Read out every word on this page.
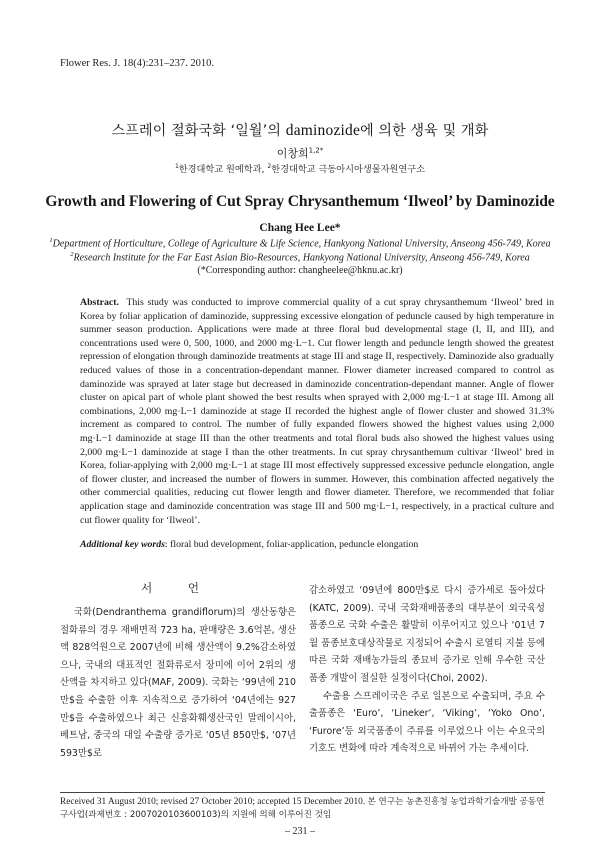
Flower Res. J. 18(4):231–237. 2010.
스프레이 절화국화 ‘일월’의 daminozide에 의한 생육 및 개화
이창희$^{1,2*}$
$^1$한경대학교 원예학과, $^2$한경대학교 극동아시아생물자원연구소
Growth and Flowering of Cut Spray Chrysanthemum ‘Ilweol’ by Daminozide
Chang Hee Lee*
$^1$Department of Horticulture, College of Agriculture & Life Science, Hankyong National University, Anseong 456-749, Korea
$^2$Research Institute for the Far East Asian Bio-Resources, Hankyong National University, Anseong 456-749, Korea
(*Corresponding author: changheelee@hknu.ac.kr)
Abstract. This study was conducted to improve commercial quality of a cut spray chrysanthemum ‘Ilweol’ bred in Korea by foliar application of daminozide, suppressing excessive elongation of peduncle caused by high temperature in summer season production. Applications were made at three floral bud developmental stage (I, II, and III), and concentrations used were 0, 500, 1000, and 2000 mg·L−1. Cut flower length and peduncle length showed the greatest repression of elongation through daminozide treatments at stage III and stage II, respectively. Daminozide also gradually reduced values of those in a concentration-dependant manner. Flower diameter increased compared to control as daminozide was sprayed at later stage but decreased in daminozide concentration-dependant manner. Angle of flower cluster on apical part of whole plant showed the best results when sprayed with 2,000 mg·L−1 at stage III. Among all combinations, 2,000 mg·L−1 daminozide at stage II recorded the highest angle of flower cluster and showed 31.3% increment as compared to control. The number of fully expanded flowers showed the highest values using 2,000 mg·L−1 daminozide at stage III than the other treatments and total floral buds also showed the highest values using 2,000 mg·L−1 daminozide at stage I than the other treatments. In cut spray chrysanthemum cultivar ‘Ilweol’ bred in Korea, foliar-applying with 2,000 mg·L−1 at stage III most effectively suppressed excessive peduncle elongation, angle of flower cluster, and increased the number of flowers in summer. However, this combination affected negatively the other commercial qualities, reducing cut flower length and flower diameter. Therefore, we recommended that foliar application stage and daminozide concentration was stage III and 500 mg·L−1, respectively, in a practical culture and cut flower quality for ‘Ilweol’.
Additional key words: floral bud development, foliar-application, peduncle elongation
서 언

국화(Dendranthema grandiflorum)의 생산동향은 절화류의 경우 재배면적 723 ha, 판매량은 3.6억본, 생산액 828억원으로 2007년에 비해 생산액이 9.2%감소하였으나, 국내의 대표적인 절화류로서 장미에 이어 2위의 생산액을 차지하고 있다(MAF, 2009). 국화는 ‘99년에 210만$을 수출한 이후 지속적으로 증가하여 ‘04년에는 927만$을 수출하였으나 최근 신흥화훼생산국인 말레이시아, 베트남, 중국의 대일 수출량 증가로 ‘05년 850만$, ‘07년 593만$로

감소하였고 ‘09년에 800만$로 다시 증가세로 돌아섰다(KATC, 2009). 국내 국화재배품종의 대부분이 외국육성품종으로 국화 수출은 활발히 이루어지고 있으나 ‘01년 7월 품종보호대상작물로 지정되어 수출시 로열티 지불 등에 따른 국화 재배농가들의 종묘비 증가로 인해 우수한 국산품종 개발이 절실한 실정이다(Choi, 2002).

수출용 스프레이국은 주로 일본으로 수출되며, 주요 수출품종은 ‘Euro’, ‘Lineker’, ‘Viking’, ‘Yoko Ono’, ‘Furore’등 외국품종이 주류를 이루었으나 이는 수요국의 기호도 변화에 따라 계속적으로 바뀌어 가는 추세이다.

Received 31 August 2010; revised 27 October 2010; accepted 15 December 2010. 본 연구는 농촌진흥청 농업과학기술개발 공동연구사업(과제번호 : 2007020103600103)의 지원에 의해 이루어진 것임
– 231 –
